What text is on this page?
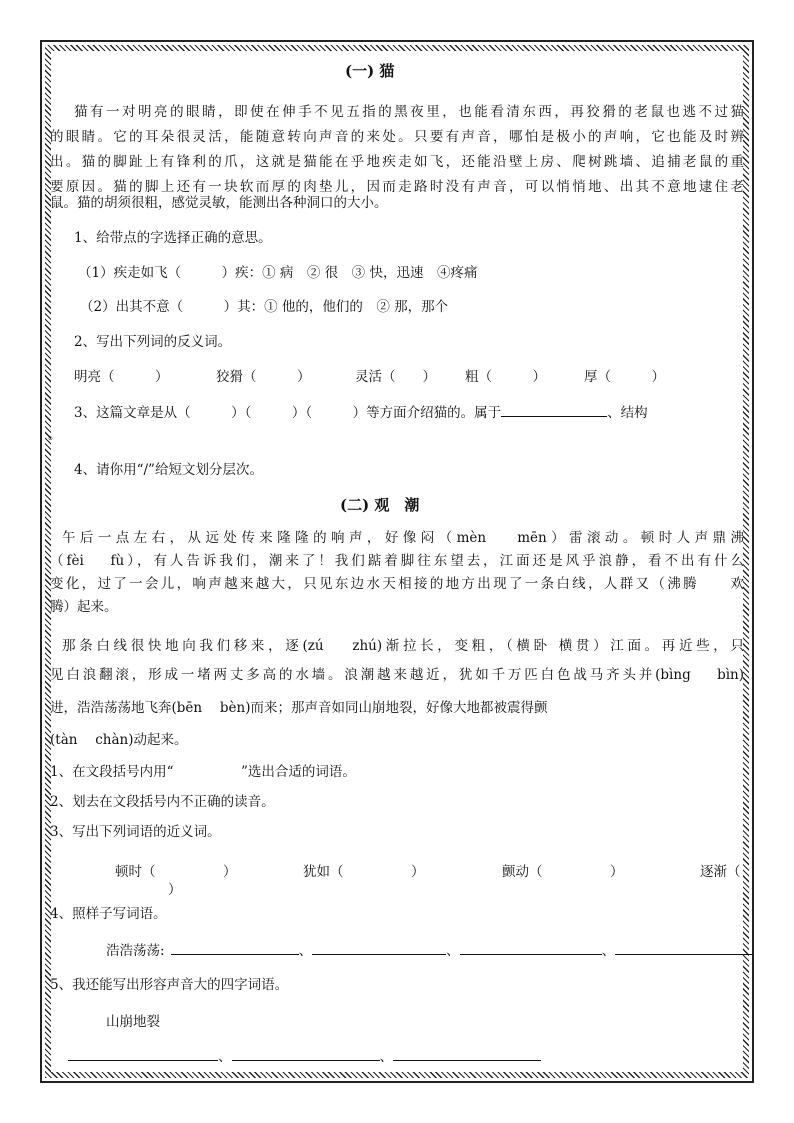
(一) 猫
猫有一对明亮的眼睛，即使在伸手不见五指的黑夜里，也能看清东西，再狡猾的老鼠也逃不过猫
的眼睛。它的耳朵很灵活，能随意转向声音的来处。只要有声音，哪怕是极小的声响，它也能及时辨
出。猫的脚趾上有锋利的爪，这就是猫能在乎地疾走如飞，还能沿壁上房、爬树跳墙、追捕老鼠的重
要原因。猫的脚上还有一块软而厚的肉垫儿，因而走路时没有声音，可以悄悄地、出其不意地逮住老
鼠。猫的胡须很粗，感觉灵敏，能测出各种洞口的大小。
1、给带点的字选择正确的意思。
（1）疾走如飞（　　　）疾：① 病　② 很　③ 快，迅速　④疼痛
（2）出其不意（　　　）其：① 他的，他们的　② 那，那个
2、写出下列词的反义词。
明亮（　　　）	狡猾（　　　）	灵活（　　） 粗（　　　）	厚（　　　）
3、这篇文章是从（　　　）（　　　）（　　　）等方面介绍猫的。属于	、结构
。
4、请你用“/”给短文划分层次。
(二) 观　潮
午后一点左右，从远处传来隆隆的响声，好像闷（mèn　 mēn）雷滚动。顿时人声鼎沸
（fèi　 fù），有人告诉我们，潮来了！我们踮着脚往东望去，江面还是风乎浪静，看不出有什么
变化，过了一会儿，响声越来越大，只见东边水天相接的地方出现了一条白线，人群又（沸腾　　欢
腾）起来。
那条白线很快地向我们移来，逐(zú　 zhú)渐拉长，变粗，（横卧 横贯）江面。再近些，只
见白浪翻滚，形成一堵两丈多高的水墙。浪潮越来越近，犹如千万匹白色战马齐头并(bìng　 bìn)
进，浩浩荡荡地飞奔(bēn　 bèn)而来；那声音如同山崩地裂，好像大地都被震得颤
(tàn　 chàn)动起来。
1、在文段括号内用“　　　　　”选出合适的词语。
2、划去在文段括号内不正确的读音。
3、写出下列词语的近义词。
顿时（　　　　　）	犹如（　　　　　）	颤动（　　　　　）	逐渐（
）
4、照样子写词语。
浩浩荡荡:	、	、	、
5、我还能写出形容声音大的四字词语。
山崩地裂
、	、
